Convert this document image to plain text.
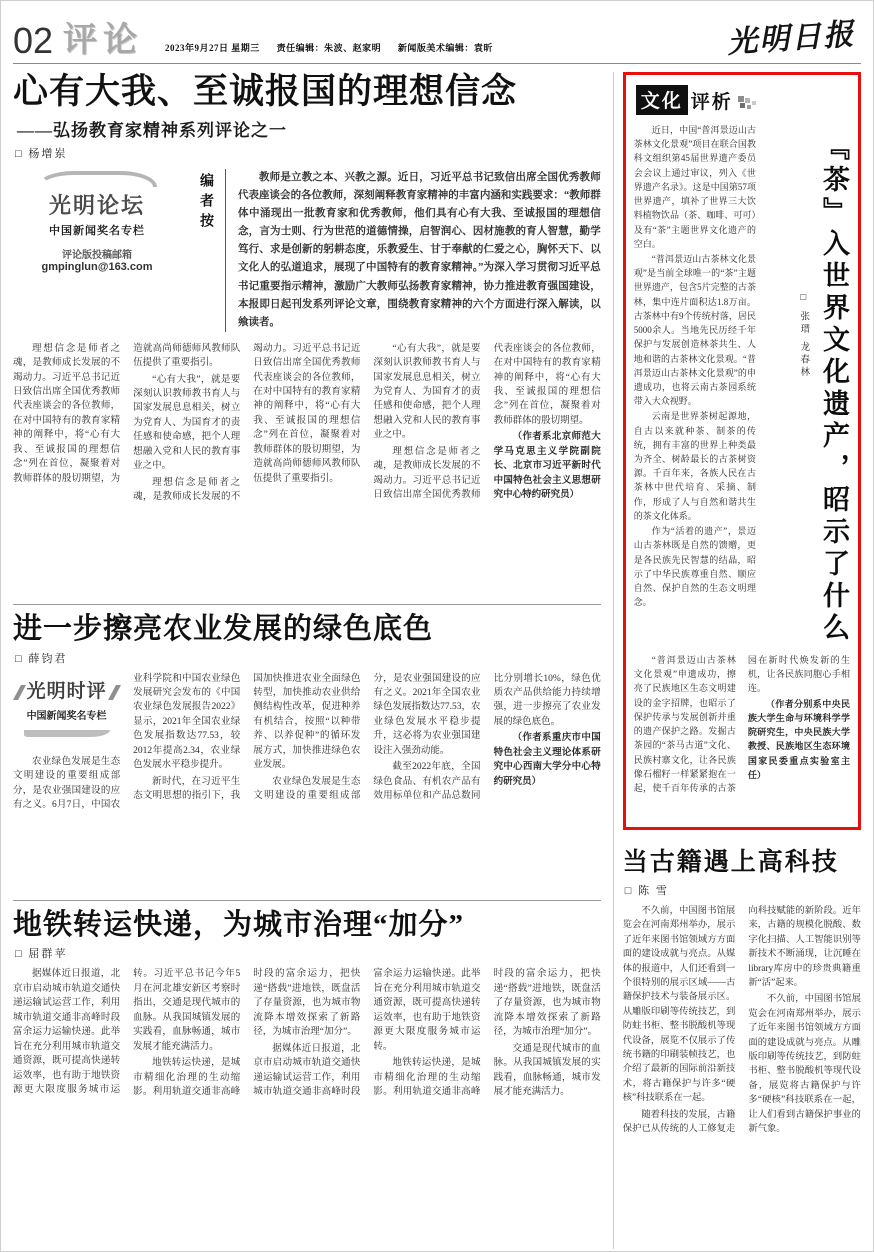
02 评论 2023年9月27日 星期三 责任编辑：朱波、赵家明 新闻版美术编辑：袁昕	光明日报
心有大我、至诚报国的理想信念
——弘扬教育家精神系列评论之一
□ 杨增岽
光明论坛
中国新闻奖名专栏
评论版投稿邮箱
gmpinglun@163.com
编者按	教师是立教之本、兴教之源。近日，习近平总书记致信出席全国优秀教师代表座谈会的各位教师，深刻阐释教育家精神的丰富内涵和实践要求：“教师群体中涌现出一批教育家和优秀教师，他们具有心有大我、至诚报国的理想信念，言为士则、行为世范的道德情操，启智润心、因材施教的育人智慧，勤学笃行、求是创新的躬耕态度，乐教爱生、甘于奉献的仁爱之心，胸怀天下、以文化人的弘道追求，展现了中国特有的教育家精神。”为深入学习贯彻习近平总书记重要指示精神，激励广大教师弘扬教育家精神，协力推进教育强国建设，本报即日起刊发系列评论文章，围绕教育家精神的六个方面进行深入解读，以飨读者。

理想信念是师者之魂，是教师成长发展的不竭动力。习近平总书记近日致信出席全国优秀教师代表座谈会的各位教师，在对中国特有的教育家精神的阐释中，将“心有大我、至诚报国的理想信念”列在首位，凝聚着对教师群体的殷切期望，为造就高尚师德师风教师队伍提供了重要指引。

“心有大我”，就是要深刻认识教师教书育人与国家发展息息相关，树立为党育人、为国育才的责任感和使命感，把个人理想融入党和人民的教育事业之中。

理想信念是师者之魂，是教师成长发展的不竭动力。习近平总书记近日致信出席全国优秀教师代表座谈会的各位教师，在对中国特有的教育家精神的阐释中，将“心有大我、至诚报国的理想信念”列在首位，凝聚着对教师群体的殷切期望，为造就高尚师德师风教师队伍提供了重要指引。

“心有大我”，就是要深刻认识教师教书育人与国家发展息息相关，树立为党育人、为国育才的责任感和使命感，把个人理想融入党和人民的教育事业之中。

理想信念是师者之魂，是教师成长发展的不竭动力。习近平总书记近日致信出席全国优秀教师代表座谈会的各位教师，在对中国特有的教育家精神的阐释中，将“心有大我、至诚报国的理想信念”列在首位，凝聚着对教师群体的殷切期望。

（作者系北京师范大学马克思主义学院副院长、北京市习近平新时代中国特色社会主义思想研究中心特约研究员）

进一步擦亮农业发展的绿色底色
□ 薛钧君
光明时评
中国新闻奖名专栏

农业绿色发展是生态文明建设的重要组成部分，是农业强国建设的应有之义。6月7日，中国农业科学院和中国农业绿色发展研究会发布的《中国农业绿色发展报告2022》显示，2021年全国农业绿色发展指数达77.53，较2012年提高2.34，农业绿色发展水平稳步提升。

新时代，在习近平生态文明思想的指引下，我国加快推进农业全面绿色转型，加快推动农业供给侧结构性改革，促进种养有机结合，按照“以种带养、以养促种”的循环发展方式，加快推进绿色农业发展。

农业绿色发展是生态文明建设的重要组成部分，是农业强国建设的应有之义。2021年全国农业绿色发展指数达77.53，农业绿色发展水平稳步提升，这必将为农业强国建设注入强劲动能。

截至2022年底，全国绿色食品、有机农产品有效用标单位和产品总数同比分别增长10%，绿色优质农产品供给能力持续增强，进一步擦亮了农业发展的绿色底色。

（作者系重庆市中国特色社会主义理论体系研究中心西南大学分中心特约研究员）

地铁转运快递，为城市治理“加分”
□ 屈群苹

据媒体近日报道，北京市启动城市轨道交通快递运输试运营工作，利用城市轨道交通非高峰时段富余运力运输快递。此举旨在充分利用城市轨道交通资源，既可提高快递转运效率，也有助于地铁资源更大限度服务城市运转。习近平总书记今年5月在河北雄安新区考察时指出，交通是现代城市的血脉。从我国城镇发展的实践看，血脉畅通，城市发展才能充满活力。

地铁转运快递，是城市精细化治理的生动缩影。利用轨道交通非高峰时段的富余运力，把快递“搭载”进地铁，既盘活了存量资源，也为城市物流降本增效探索了新路径，为城市治理“加分”。

据媒体近日报道，北京市启动城市轨道交通快递运输试运营工作，利用城市轨道交通非高峰时段富余运力运输快递。此举旨在充分利用城市轨道交通资源，既可提高快递转运效率，也有助于地铁资源更大限度服务城市运转。

地铁转运快递，是城市精细化治理的生动缩影。利用轨道交通非高峰时段的富余运力，把快递“搭载”进地铁，既盘活了存量资源，也为城市物流降本增效探索了新路径，为城市治理“加分”。

交通是现代城市的血脉。从我国城镇发展的实践看，血脉畅通，城市发展才能充满活力。

文化 评析

近日，中国“普洱景迈山古茶林文化景观”项目在联合国教科文组织第45届世界遗产委员会会议上通过审议，列入《世界遗产名录》。这是中国第57项世界遗产，填补了世界三大饮料植物饮品（茶、咖啡、可可）及有“茶”主题世界文化遗产的空白。

“普洱景迈山古茶林文化景观”是当前全球唯一的“茶”主题世界遗产，包含5片完整的古茶林，集中连片面积达1.8万亩。古茶林中有9个传统村落，居民5000余人。当地先民历经千年保护与发展创造林茶共生、人地和谐的古茶林文化景观。“普洱景迈山古茶林文化景观”的申遗成功，也将云南古茶园系统带入大众视野。

云南是世界茶树起源地，自古以来就种茶、制茶的传统，拥有丰富的世界上种类最为齐全、树龄最长的古茶树资源。千百年来，各族人民在古茶林中世代培育、采摘、制作，形成了人与自然和谐共生的茶文化体系。

作为“活着的遗产”，景迈山古茶林既是自然的馈赠，更是各民族先民智慧的结晶，昭示了中华民族尊重自然、顺应自然、保护自然的生态文明理念。

□ 张瑨 龙春林 『茶』入世界文化遗产，昭示了什么

“普洱景迈山古茶林文化景观”申遗成功，擦亮了民族地区生态文明建设的金字招牌，也昭示了保护传承与发展创新并重的遗产保护之路。发掘古茶园的“茶马古道”文化、民族村寨文化，让各民族像石榴籽一样紧紧抱在一起，使千百年传承的古茶园在新时代焕发新的生机，让各民族同胞心手相连。

（作者分别系中央民族大学生命与环境科学学院研究生，中央民族大学教授、民族地区生态环境国家民委重点实验室主任）

当古籍遇上高科技
□ 陈 雪

不久前，中国图书馆展览会在河南郑州举办，展示了近年来图书馆领域方方面面的建设成就与亮点。从媒体的报道中，人们还看到一个很特别的展示区域——古籍保护技术与装备展示区。从雕版印刷等传统技艺，到防蛀书柜、整书脱酸机等现代设备，展览不仅展示了传统书籍的印刷装帧技艺，也介绍了最新的国际前沿新技术，将古籍保护与许多“硬核”科技联系在一起。

随着科技的发展，古籍保护已从传统的人工修复走向科技赋能的新阶段。近年来，古籍的规模化脱酸、数字化扫描、人工智能识别等新技术不断涌现，让沉睡在library库房中的珍贵典籍重新“活”起来。

不久前，中国图书馆展览会在河南郑州举办，展示了近年来图书馆领域方方面面的建设成就与亮点。从雕版印刷等传统技艺，到防蛀书柜、整书脱酸机等现代设备，展览将古籍保护与许多“硬核”科技联系在一起，让人们看到古籍保护事业的新气象。
